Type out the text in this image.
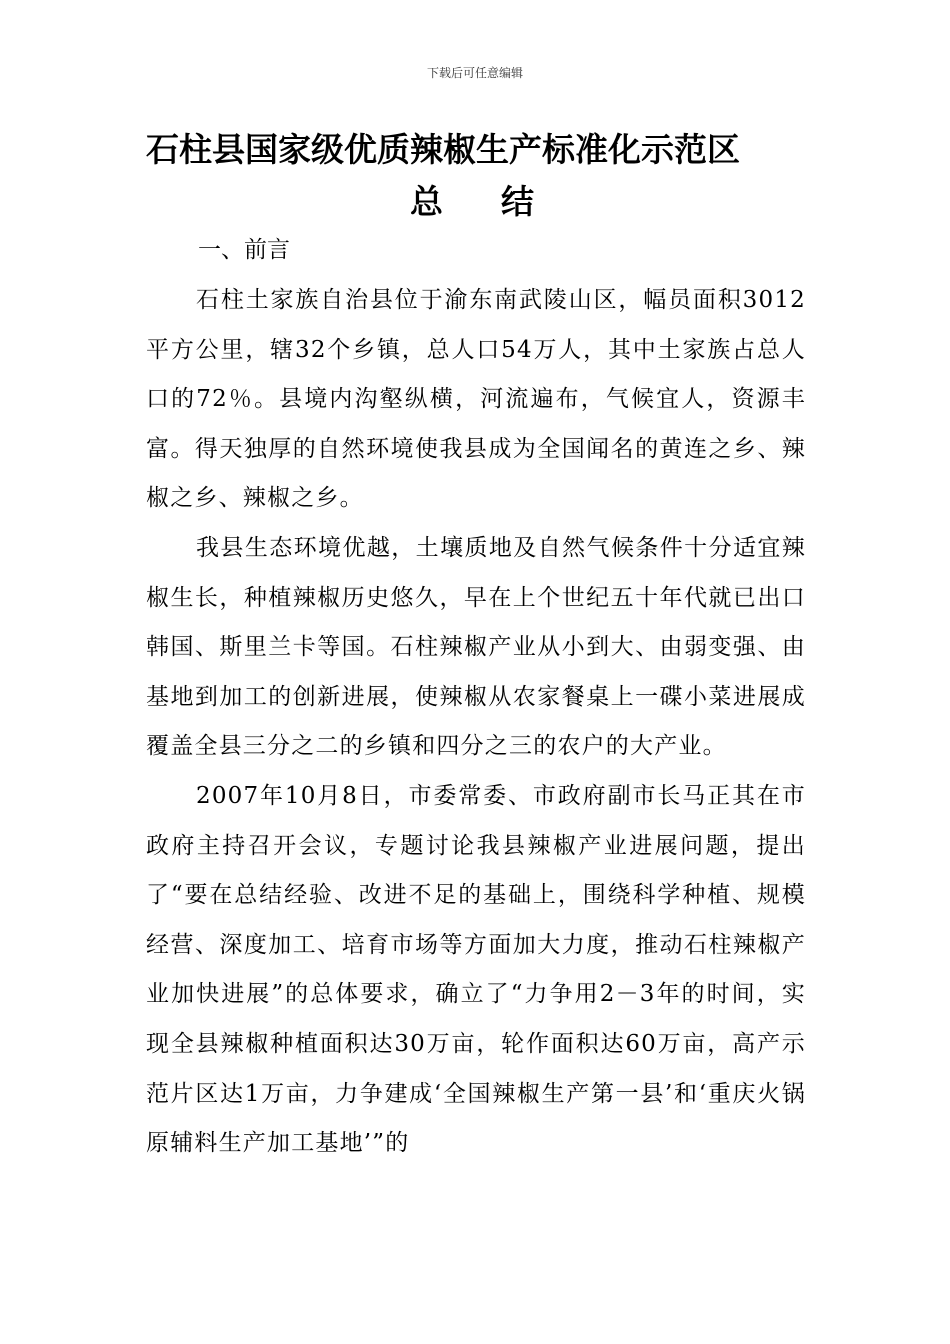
下载后可任意编辑
石柱县国家级优质辣椒生产标准化示范区
总结
一、前言

石柱土家族自治县位于渝东南武陵山区，幅员面积3012平方公里，辖32个乡镇，总人口54万人，其中土家族占总人口的72％。县境内沟壑纵横，河流遍布，气候宜人，资源丰富。得天独厚的自然环境使我县成为全国闻名的黄连之乡、辣椒之乡、辣椒之乡。

我县生态环境优越，土壤质地及自然气候条件十分适宜辣椒生长，种植辣椒历史悠久，早在上个世纪五十年代就已出口韩国、斯里兰卡等国。石柱辣椒产业从小到大、由弱变强、由基地到加工的创新进展，使辣椒从农家餐桌上一碟小菜进展成覆盖全县三分之二的乡镇和四分之三的农户的大产业。

2007年10月8日，市委常委、市政府副市长马正其在市政府主持召开会议，专题讨论我县辣椒产业进展问题，提出了“要在总结经验、改进不足的基础上，围绕科学种植、规模经营、深度加工、培育市场等方面加大力度，推动石柱辣椒产业加快进展”的总体要求，确立了“力争用2－3年的时间，实现全县辣椒种植面积达30万亩，轮作面积达60万亩，高产示范片区达1万亩，力争建成‘全国辣椒生产第一县’和‘重庆火锅原辅料生产加工基地’”的
